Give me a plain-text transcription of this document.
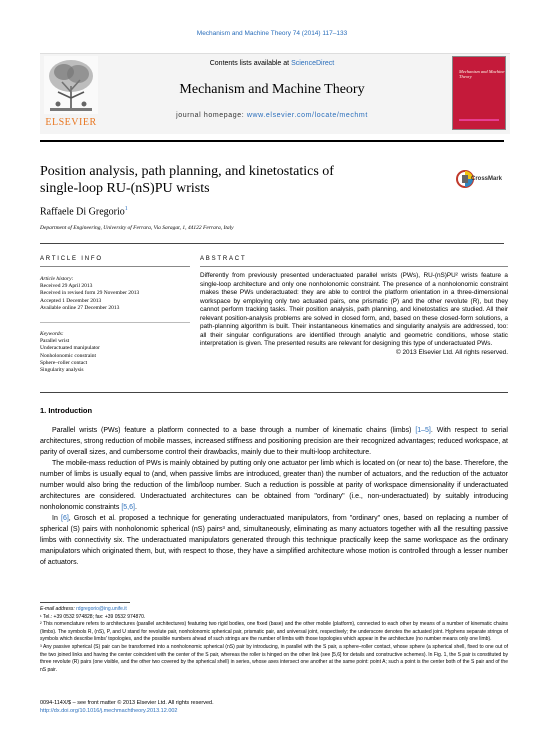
Mechanism and Machine Theory 74 (2014) 117–133
ELSEVIER
Contents lists available at ScienceDirect
Mechanism and Machine Theory
journal homepage: www.elsevier.com/locate/mechmt
Mechanism and Machine Theory
Position analysis, path planning, and kinetostatics of
single-loop RU-(nS)PU wrists
CrossMark
Raffaele Di Gregorio$^1$
Department of Engineering, University of Ferrara, Via Saragat, 1, 44122 Ferrara, Italy
ARTICLE INFO	ABSTRACT
Article history:
Received 29 April 2013
Received in revised form 29 November 2013
Accepted 1 December 2013
Available online 27 December 2013
Keywords:
Parallel wrist
Underactuated manipulator
Nonholonomic constraint
Sphere–roller contact
Singularity analysis
Differently from previously presented underactuated parallel wrists (PWs), RU-(nS)PU² wrists feature a single-loop architecture and only one nonholonomic constraint. The presence of a nonholonomic constraint makes these PWs underactuated: they are able to control the platform orientation in a three-dimensional workspace by employing only two actuated pairs, one prismatic (P) and the other revolute (R), but they cannot perform tracking tasks. Their position analysis, path planning, and kinetostatics are studied. All their relevant position-analysis problems are solved in closed form, and, based on these closed-form solutions, a path-planning algorithm is built. Their instantaneous kinematics and singularity analysis are addressed, too: all their singular configurations are identified through analytic and geometric conditions, whose static interpretation is given. The presented results are relevant for designing this type of underactuated PWs.
© 2013 Elsevier Ltd. All rights reserved.
1. Introduction

Parallel wrists (PWs) feature a platform connected to a base through a number of kinematic chains (limbs) [1–5]. With respect to serial architectures, strong reduction of mobile masses, increased stiffness and positioning precision are their recognized advantages; reduced workspace, at parity of overall sizes, and cumbersome control their drawbacks, mainly due to their multi-loop architecture.

The mobile-mass reduction of PWs is mainly obtained by putting only one actuator per limb which is located on (or near to) the base. Therefore, the number of limbs is usually equal to (and, when passive limbs are introduced, greater than) the number of actuators, and the reduction of the actuator number would also bring the reduction of the limb/loop number. Such a reduction is possible at parity of workspace dimensionality if underactuated architectures are considered. Underactuated architectures can be obtained from "ordinary" (i.e., non-underactuated) by suitably introducing nonholonomic constraints [5,6].

In [6], Grosch et al. proposed a technique for generating underactuated manipulators, from "ordinary" ones, based on replacing a number of spherical (S) pairs with nonholonomic spherical (nS) pairs³ and, simultaneously, eliminating as many actuators together with all the resulting passive limbs with connectivity six. The underactuated manipulators generated through this technique practically keep the same workspace as the ordinary manipulators which originated them, but, with respect to those, they have a simplified architecture whose motion is controlled through a lesser number of actuators.

E-mail address: rdgregorio@ing.unife.it

¹ Tel.: +39 0532 974828; fax: +39 0532 974870.

² This nomenclature refers to architectures (parallel architectures) featuring two rigid bodies, one fixed (base) and the other mobile (platform), connected to each other by means of a number of kinematic chains (limbs). The symbols R, (nS), P, and U stand for revolute pair, nonholonomic spherical pair, prismatic pair, and universal joint, respectively; the underscore denotes the actuated joint. Hyphens separate strings of symbols which describe limbs' topologies, and the possible numbers ahead of such strings are the number of limbs with those topologies which appear in the architecture (no number means only one limb).

³ Any passive spherical (S) pair can be transformed into a nonholonomic spherical (nS) pair by introducing, in parallel with the S pair, a sphere–roller contact, whose sphere (a spherical shell, fixed to one out of the two joined links and having the center coincident with the center of the S pair, whereas the roller is hinged on the other link (see [5,6] for details and constructive schemes). In Fig. 1, the S pair is constituted by three revolute (R) pairs (one visible, and the other two covered by the spherical shell) in series, whose axes intersect one another at the same point: point A; such a point is the center both of the S pair and of the nS pair.

0094-114X/$ – see front matter © 2013 Elsevier Ltd. All rights reserved.
http://dx.doi.org/10.1016/j.mechmachtheory.2013.12.002
